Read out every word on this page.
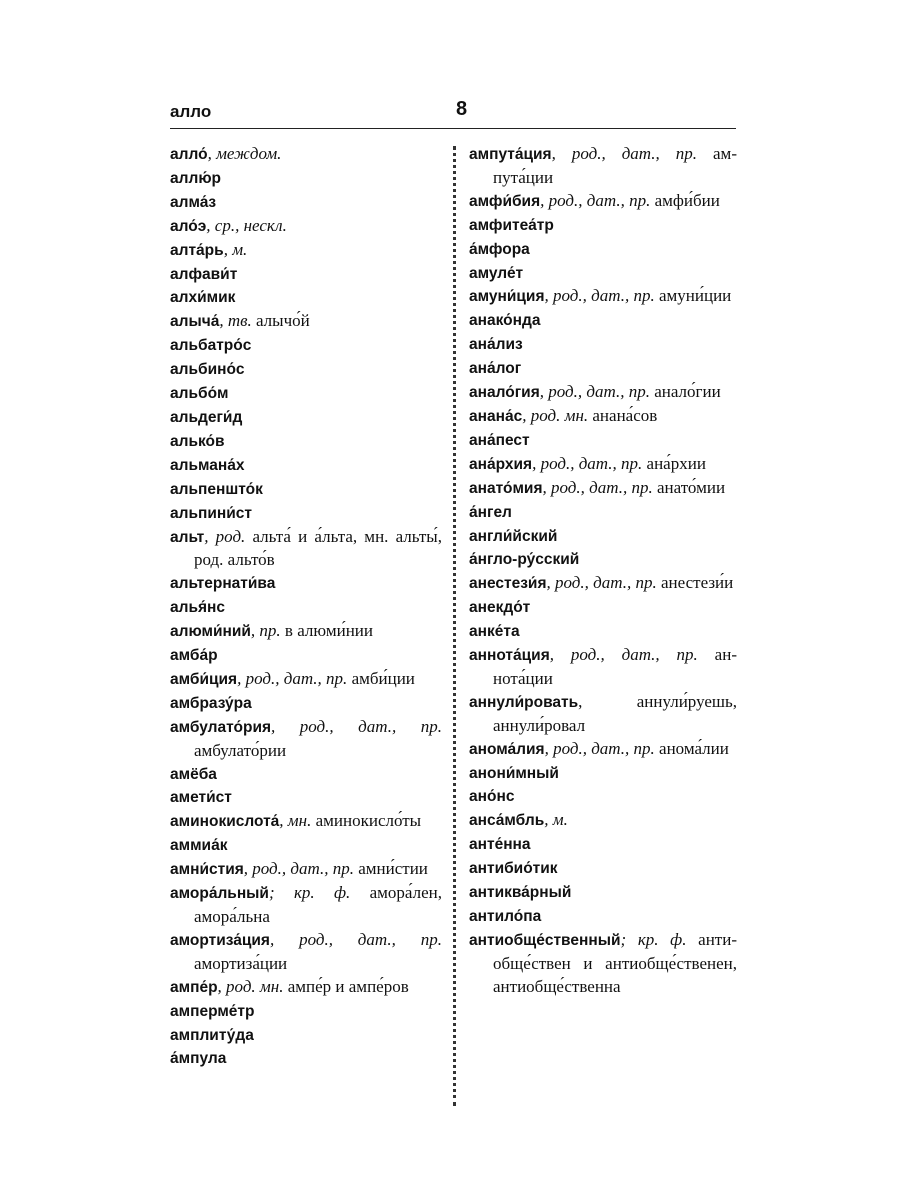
алло	8
алло́, междом.
аллю́р
алма́з
ало́э, ср., нескл.
алта́рь, м.
алфави́т
алхи́мик
алыча́, тв. алычо́й
альбатро́с
альбино́с
альбо́м
альдеги́д
алько́в
альмана́х
альпеншто́к
альпини́ст
альт, род. альта́ и а́льта, мн. альты́, род. альто́в
альтернати́ва
алья́нс
алюми́ний, пр. в алюми́нии
амба́р
амби́ция, род., дат., пр. амби́ции
амбразу́ра
амбулато́рия, род., дат., пр. амбулато́рии
амёба
амети́ст
аминокислота́, мн. аминокисло́ты
аммиа́к
амни́стия, род., дат., пр. амни́стии
амора́льный; кр. ф. амора́лен, амора́льна
амортиза́ция, род., дат., пр. амортиза́ции
ампе́р, род. мн. ампе́р и ампе́ров
амперме́тр
амплиту́да
а́мпула
ампута́ция, род., дат., пр. ампута́ции
амфи́бия, род., дат., пр. амфи́бии
амфитеа́тр
а́мфора
амуле́т
амуни́ция, род., дат., пр. амуни́ции
анако́нда
ана́лиз
ана́лог
анало́гия, род., дат., пр. анало́гии
анана́с, род. мн. анана́сов
ана́пест
ана́рхия, род., дат., пр. ана́рхии
анато́мия, род., дат., пр. анато́мии
а́нгел
англи́йский
а́нгло-ру́сский
анестези́я, род., дат., пр. анестези́и
анекдо́т
анке́та
аннота́ция, род., дат., пр. аннота́ции
аннули́ровать, аннули́руешь, аннули́ровал
анома́лия, род., дат., пр. анома́лии
анони́мный
ано́нс
анса́мбль, м.
анте́нна
антибио́тик
антиква́рный
антило́па
антиобще́ственный; кр. ф. антиобще́ствен и антиобще́ственен, антиобще́ственна
